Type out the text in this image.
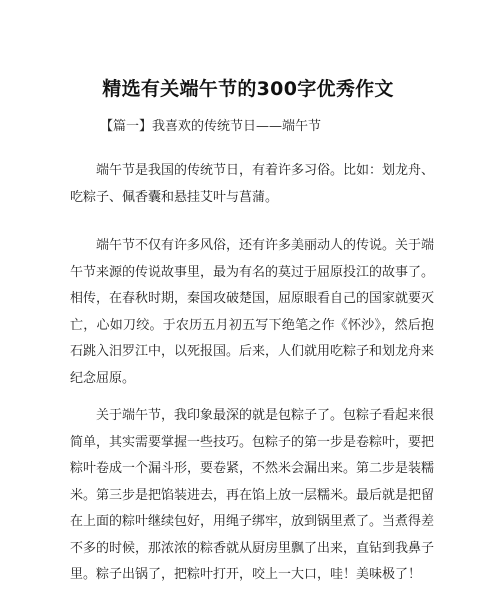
精选有关端午节的300字优秀作文
【篇一】我喜欢的传统节日——端午节

端午节是我国的传统节日，有着许多习俗。比如：划龙舟、吃粽子、佩香囊和悬挂艾叶与菖蒲。

端午节不仅有许多风俗，还有许多美丽动人的传说。关于端午节来源的传说故事里，最为有名的莫过于屈原投江的故事了。相传，在春秋时期，秦国攻破楚国，屈原眼看自己的国家就要灭亡，心如刀绞。于农历五月初五写下绝笔之作《怀沙》，然后抱石跳入汨罗江中，以死报国。后来，人们就用吃粽子和划龙舟来纪念屈原。

关于端午节，我印象最深的就是包粽子了。包粽子看起来很简单，其实需要掌握一些技巧。包粽子的第一步是卷粽叶，要把粽叶卷成一个漏斗形，要卷紧，不然米会漏出来。第二步是装糯米。第三步是把馅装进去，再在馅上放一层糯米。最后就是把留在上面的粽叶继续包好，用绳子绑牢，放到锅里煮了。当煮得差不多的时候，那浓浓的粽香就从厨房里飘了出来，直钻到我鼻子里。粽子出锅了，把粽叶打开，咬上一大口，哇！美味极了！
